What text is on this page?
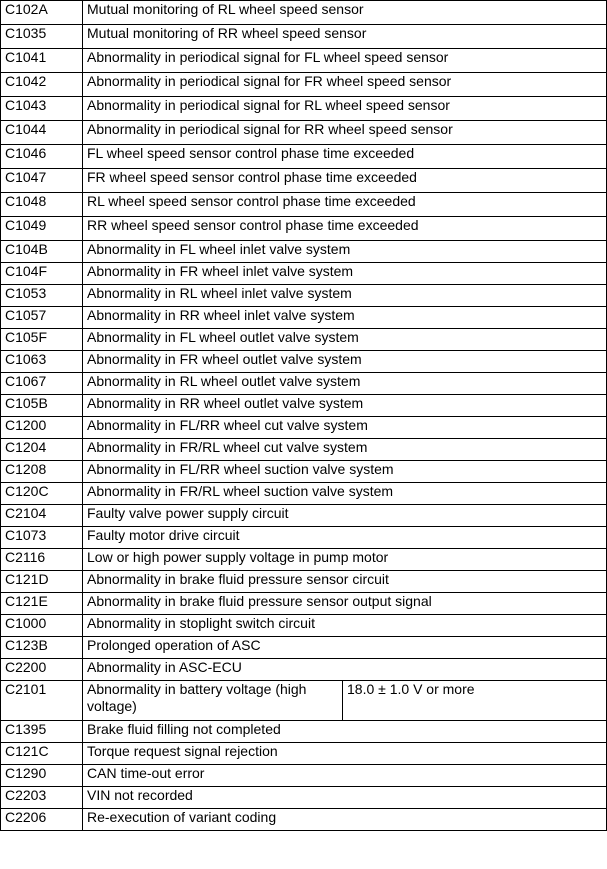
C102A	Mutual monitoring of RL wheel speed sensor	
C1035	Mutual monitoring of RR wheel speed sensor	
C1041	Abnormality in periodical signal for FL wheel speed sensor	
C1042	Abnormality in periodical signal for FR wheel speed sensor	
C1043	Abnormality in periodical signal for RL wheel speed sensor	
C1044	Abnormality in periodical signal for RR wheel speed sensor	
C1046	FL wheel speed sensor control phase time exceeded	
C1047	FR wheel speed sensor control phase time exceeded	
C1048	RL wheel speed sensor control phase time exceeded	
C1049	RR wheel speed sensor control phase time exceeded	
C104B	Abnormality in FL wheel inlet valve system	
C104F	Abnormality in FR wheel inlet valve system	
C1053	Abnormality in RL wheel inlet valve system	
C1057	Abnormality in RR wheel inlet valve system	
C105F	Abnormality in FL wheel outlet valve system	
C1063	Abnormality in FR wheel outlet valve system	
C1067	Abnormality in RL wheel outlet valve system	
C105B	Abnormality in RR wheel outlet valve system	
C1200	Abnormality in FL/RR wheel cut valve system	
C1204	Abnormality in FR/RL wheel cut valve system	
C1208	Abnormality in FL/RR wheel suction valve system	
C120C	Abnormality in FR/RL wheel suction valve system	
C2104	Faulty valve power supply circuit	
C1073	Faulty motor drive circuit	
C2116	Low or high power supply voltage in pump motor	
C121D	Abnormality in brake fluid pressure sensor circuit	
C121E	Abnormality in brake fluid pressure sensor output signal	
C1000	Abnormality in stoplight switch circuit	
C123B	Prolonged operation of ASC	
C2200	Abnormality in ASC-ECU	
C2101	Abnormality in battery voltage (high voltage)	18.0 ± 1.0 V or more
C1395	Brake fluid filling not completed	
C121C	Torque request signal rejection	
C1290	CAN time-out error	
C2203	VIN not recorded	
C2206	Re-execution of variant coding	
